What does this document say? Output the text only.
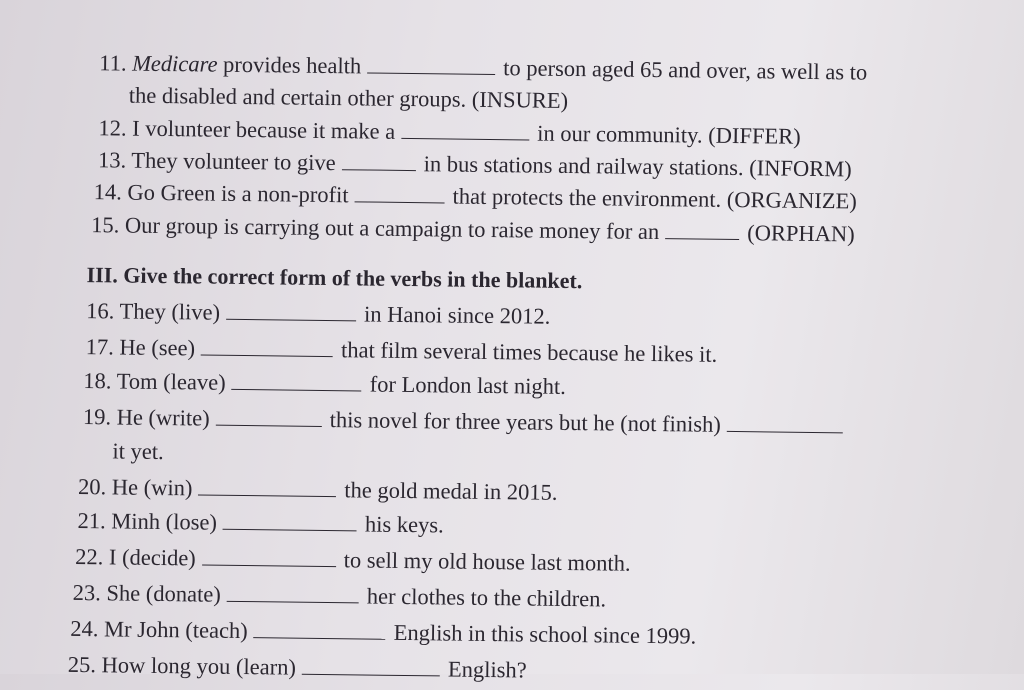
11. Medicare provides health	to person aged 65 and over, as well as to
the disabled and certain other groups. (INSURE)
12. I volunteer because it make a	in our community. (DIFFER)
13. They volunteer to give	in bus stations and railway stations. (INFORM)
14. Go Green is a non-profit	that protects the environment. (ORGANIZE)
15. Our group is carrying out a campaign to raise money for an	(ORPHAN)
III. Give the correct form of the verbs in the blanket.
16. They (live)	in Hanoi since 2012.
17. He (see)	that film several times because he likes it.
18. Tom (leave)	for London last night.
19. He (write)	this novel for three years but he (not finish)
it yet.
20. He (win)	the gold medal in 2015.
21. Minh (lose)	his keys.
22. I (decide)	to sell my old house last month.
23. She (donate)	her clothes to the children.
24. Mr John (teach)	English in this school since 1999.
25. How long you (learn)	English?
